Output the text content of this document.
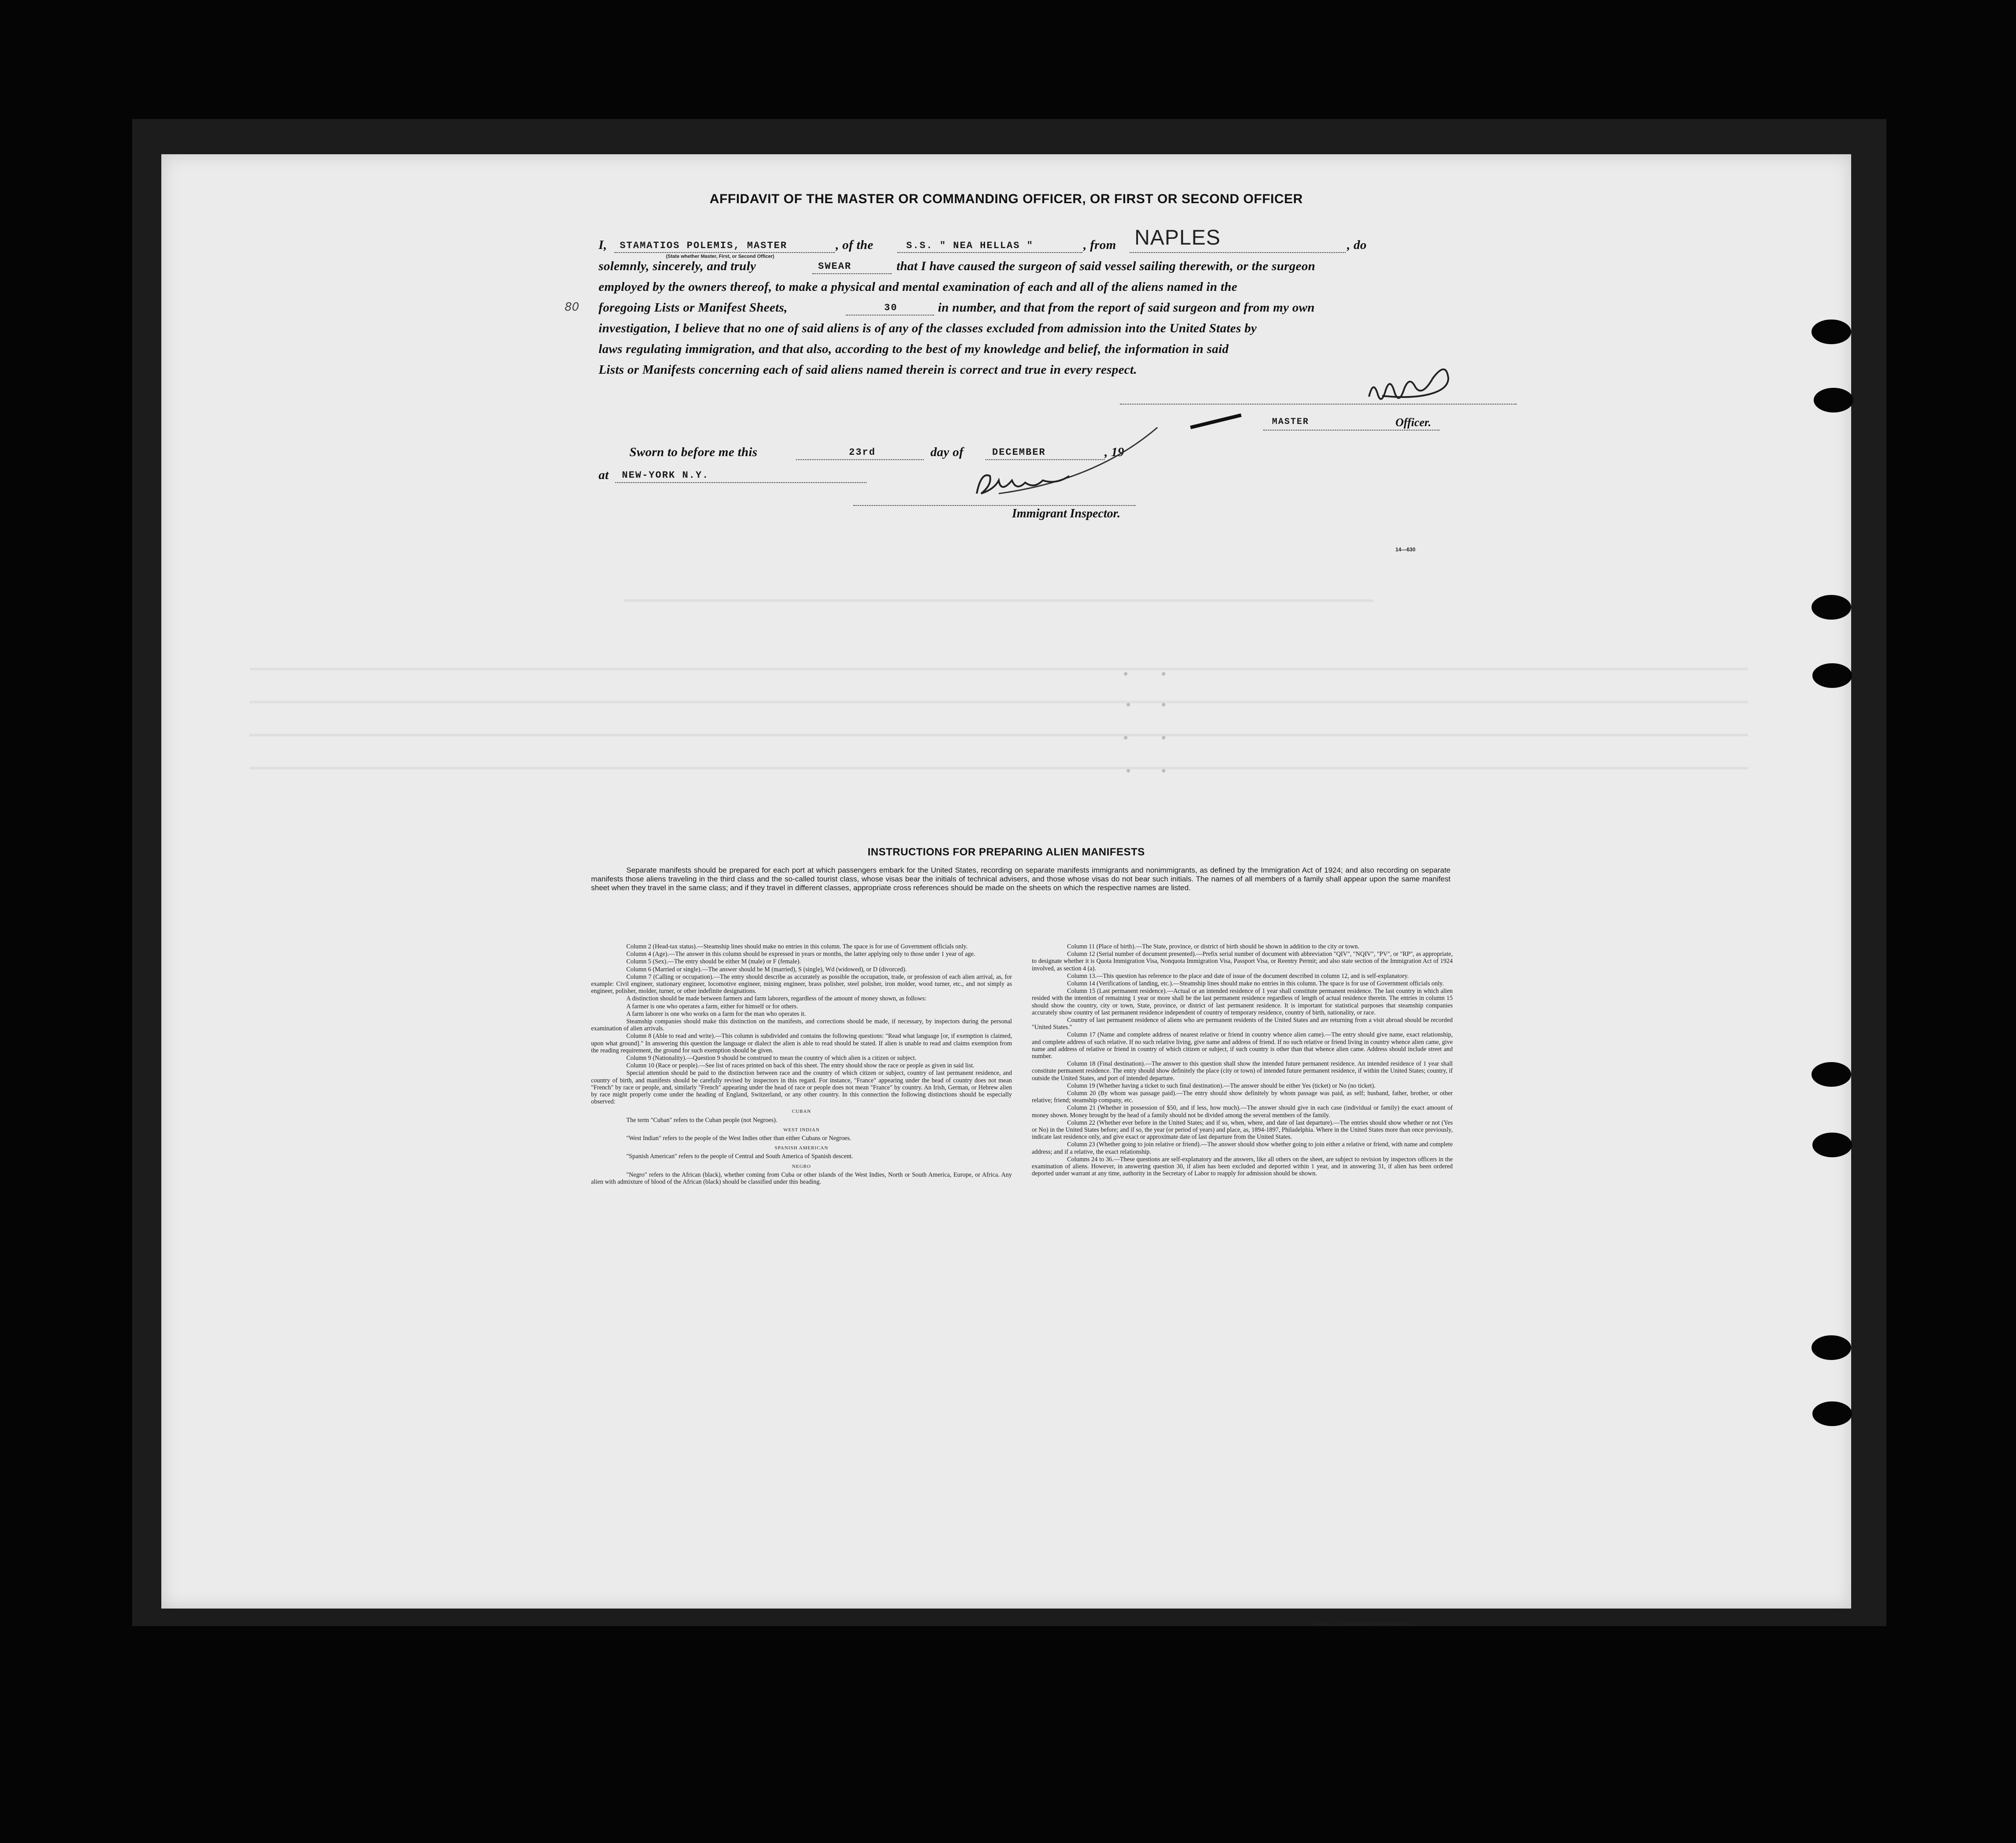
AFFIDAVIT OF THE MASTER OR COMMANDING OFFICER, OR FIRST OR SECOND OFFICER
I, STAMATIOS POLEMIS, MASTER
(State whether Master, First, or Second Officer)
, of the	S.S. " NEA HELLAS "	, from NAPLES	, do
solemnly, sincerely, and truly	SWEAR	that I have caused the surgeon of said vessel sailing therewith, or the surgeon
employed by the owners thereof, to make a physical and mental examination of each and all of the aliens named in the
80 foregoing Lists or Manifest Sheets,	30	in number, and that from the report of said surgeon and from my own
investigation, I believe that no one of said aliens is of any of the classes excluded from admission into the United States by
laws regulating immigration, and that also, according to the best of my knowledge and belief, the information in said
Lists or Manifests concerning each of said aliens named therein is correct and true in every respect.
MASTER	Officer.
Sworn to before me this	23rd	day of	DECEMBER	, 19
at NEW-YORK N.Y.
Immigrant Inspector.
14—630
INSTRUCTIONS FOR PREPARING ALIEN MANIFESTS
Separate manifests should be prepared for each port at which passengers embark for the United States, recording on separate manifests immigrants and nonimmigrants, as defined by the Immigration Act of 1924; and also recording on separate manifests those aliens traveling in the third class and the so-called tourist class, whose visas bear the initials of technical advisers, and those whose visas do not bear such initials. The names of all members of a family shall appear upon the same manifest sheet when they travel in the same class; and if they travel in different classes, appropriate cross references should be made on the sheets on which the respective names are listed.

Column 2 (Head-tax status).—Steamship lines should make no entries in this column. The space is for use of Government officials only.

Column 4 (Age).—The answer in this column should be expressed in years or months, the latter applying only to those under 1 year of age.

Column 5 (Sex).—The entry should be either M (male) or F (female).

Column 6 (Married or single).—The answer should be M (married), S (single), Wd (widowed), or D (divorced).

Column 7 (Calling or occupation).—The entry should describe as accurately as possible the occupation, trade, or profession of each alien arrival, as, for example: Civil engineer, stationary engineer, locomotive engineer, mining engineer, brass polisher, steel polisher, iron molder, wood turner, etc., and not simply as engineer, polisher, molder, turner, or other indefinite designations.

A distinction should be made between farmers and farm laborers, regardless of the amount of money shown, as follows:

A farmer is one who operates a farm, either for himself or for others.

A farm laborer is one who works on a farm for the man who operates it.

Steamship companies should make this distinction on the manifests, and corrections should be made, if necessary, by inspectors during the personal examination of alien arrivals.

Column 8 (Able to read and write).—This column is subdivided and contains the following questions: "Read what language [or, if exemption is claimed, upon what ground]." In answering this question the language or dialect the alien is able to read should be stated. If alien is unable to read and claims exemption from the reading requirement, the ground for such exemption should be given.

Column 9 (Nationality).—Question 9 should be construed to mean the country of which alien is a citizen or subject.

Column 10 (Race or people).—See list of races printed on back of this sheet. The entry should show the race or people as given in said list.

Special attention should be paid to the distinction between race and the country of which citizen or subject, country of last permanent residence, and country of birth, and manifests should be carefully revised by inspectors in this regard. For instance, "France" appearing under the head of country does not mean "French" by race or people, and, similarly "French" appearing under the head of race or people does not mean "France" by country. An Irish, German, or Hebrew alien by race might properly come under the heading of England, Switzerland, or any other country. In this connection the following distinctions should be especially observed:

CUBAN

The term "Cuban" refers to the Cuban people (not Negroes).

WEST INDIAN

"West Indian" refers to the people of the West Indies other than either Cubans or Negroes.

SPANISH AMERICAN

"Spanish American" refers to the people of Central and South America of Spanish descent.

NEGRO

"Negro" refers to the African (black), whether coming from Cuba or other islands of the West Indies, North or South America, Europe, or Africa. Any alien with admixture of blood of the African (black) should be classified under this heading.

Column 11 (Place of birth).—The State, province, or district of birth should be shown in addition to the city or town.

Column 12 (Serial number of document presented).—Prefix serial number of document with abbreviation "QIV", "NQIV", "PV", or "RP", as appropriate, to designate whether it is Quota Immigration Visa, Nonquota Immigration Visa, Passport Visa, or Reentry Permit; and also state section of the Immigration Act of 1924 involved, as section 4 (a).

Column 13.—This question has reference to the place and date of issue of the document described in column 12, and is self-explanatory.

Column 14 (Verifications of landing, etc.).—Steamship lines should make no entries in this column. The space is for use of Government officials only.

Column 15 (Last permanent residence).—Actual or an intended residence of 1 year shall constitute permanent residence. The last country in which alien resided with the intention of remaining 1 year or more shall be the last permanent residence regardless of length of actual residence therein. The entries in column 15 should show the country, city or town, State, province, or district of last permanent residence. It is important for statistical purposes that steamship companies accurately show country of last permanent residence independent of country of temporary residence, country of birth, nationality, or race.

Country of last permanent residence of aliens who are permanent residents of the United States and are returning from a visit abroad should be recorded "United States."

Column 17 (Name and complete address of nearest relative or friend in country whence alien came).—The entry should give name, exact relationship, and complete address of such relative. If no such relative living, give name and address of friend. If no such relative or friend living in country whence alien came, give name and address of relative or friend in country of which citizen or subject, if such country is other than that whence alien came. Address should include street and number.

Column 18 (Final destination).—The answer to this question shall show the intended future permanent residence. An intended residence of 1 year shall constitute permanent residence. The entry should show definitely the place (city or town) of intended future permanent residence, if within the United States; country, if outside the United States, and port of intended departure.

Column 19 (Whether having a ticket to such final destination).—The answer should be either Yes (ticket) or No (no ticket).

Column 20 (By whom was passage paid).—The entry should show definitely by whom passage was paid, as self; husband, father, brother, or other relative; friend; steamship company, etc.

Column 21 (Whether in possession of $50, and if less, how much).—The answer should give in each case (individual or family) the exact amount of money shown. Money brought by the head of a family should not be divided among the several members of the family.

Column 22 (Whether ever before in the United States; and if so, when, where, and date of last departure).—The entries should show whether or not (Yes or No) in the United States before; and if so, the year (or period of years) and place, as, 1894-1897, Philadelphia. Where in the United States more than once previously, indicate last residence only, and give exact or approximate date of last departure from the United States.

Column 23 (Whether going to join relative or friend).—The answer should show whether going to join either a relative or friend, with name and complete address; and if a relative, the exact relationship.

Columns 24 to 36.—These questions are self-explanatory and the answers, like all others on the sheet, are subject to revision by inspectors officers in the examination of aliens. However, in answering question 30, if alien has been excluded and deported within 1 year, and in answering 31, if alien has been ordered deported under warrant at any time, authority in the Secretary of Labor to reapply for admission should be shown.

14—630 U. S. GOVERNMENT PRINTING OFFICE
